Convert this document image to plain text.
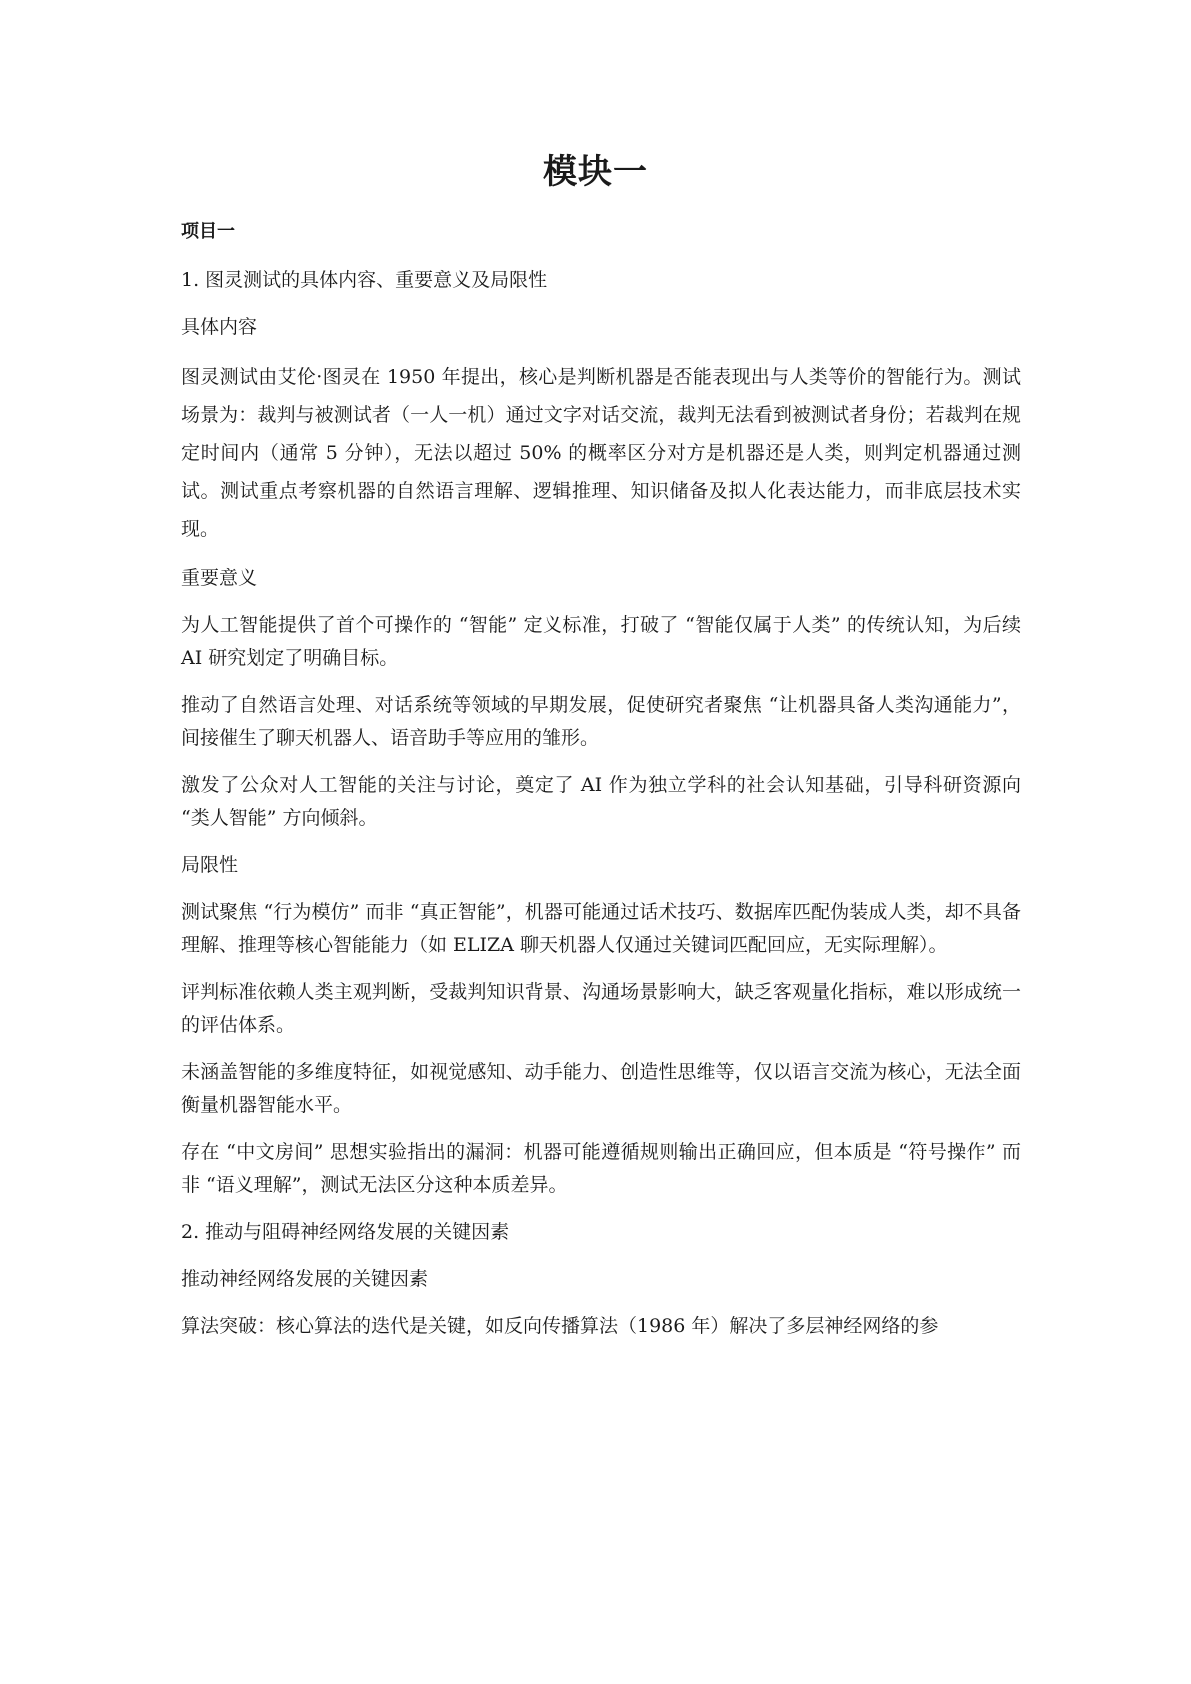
模块一

项目一

1. 图灵测试的具体内容、重要意义及局限性

具体内容

图灵测试由艾伦·图灵在 1950 年提出，核心是判断机器是否能表现出与人类等价的智能行为。测试场景为：裁判与被测试者（一人一机）通过文字对话交流，裁判无法看到被测试者身份；若裁判在规定时间内（通常 5 分钟），无法以超过 50% 的概率区分对方是机器还是人类，则判定机器通过测试。测试重点考察机器的自然语言理解、逻辑推理、知识储备及拟人化表达能力，而非底层技术实现。

重要意义

为人工智能提供了首个可操作的 “智能” 定义标准，打破了 “智能仅属于人类” 的传统认知，为后续 AI 研究划定了明确目标。

推动了自然语言处理、对话系统等领域的早期发展，促使研究者聚焦 “让机器具备人类沟通能力”，间接催生了聊天机器人、语音助手等应用的雏形。

激发了公众对人工智能的关注与讨论，奠定了 AI 作为独立学科的社会认知基础，引导科研资源向 “类人智能” 方向倾斜。

局限性

测试聚焦 “行为模仿” 而非 “真正智能”，机器可能通过话术技巧、数据库匹配伪装成人类，却不具备理解、推理等核心智能能力（如 ELIZA 聊天机器人仅通过关键词匹配回应，无实际理解）。

评判标准依赖人类主观判断，受裁判知识背景、沟通场景影响大，缺乏客观量化指标，难以形成统一的评估体系。

未涵盖智能的多维度特征，如视觉感知、动手能力、创造性思维等，仅以语言交流为核心，无法全面衡量机器智能水平。

存在 “中文房间” 思想实验指出的漏洞：机器可能遵循规则输出正确回应，但本质是 “符号操作” 而非 “语义理解”，测试无法区分这种本质差异。

2. 推动与阻碍神经网络发展的关键因素

推动神经网络发展的关键因素

算法突破：核心算法的迭代是关键，如反向传播算法（1986 年）解决了多层神经网络的参
